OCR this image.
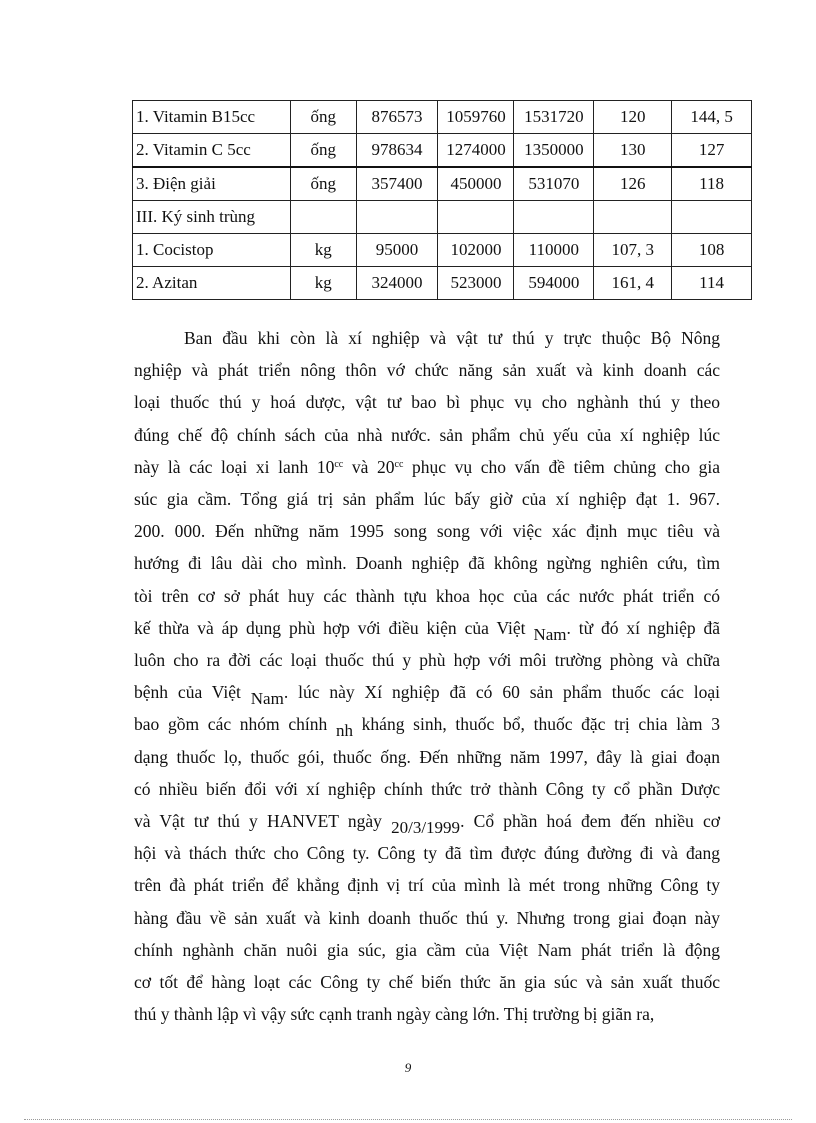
1. Vitamin B15cc	ống	876573	1059760	1531720	120	144, 5
2. Vitamin C 5cc	ống	978634	1274000	1350000	130	127
3. Điện giải	ống	357400	450000	531070	126	118
III. Ký sinh trùng						
1. Cocistop	kg	95000	102000	110000	107, 3	108
2. Azitan	kg	324000	523000	594000	161, 4	114
Ban đầu khi còn là xí nghiệp và vật tư thú y trực thuộc Bộ Nông
nghiệp và phát triển nông thôn vớ chức năng sản xuất và kinh doanh các
loại thuốc thú y hoá dược, vật tư bao bì phục vụ cho nghành thú y theo
đúng chế độ chính sách của nhà nước. sản phẩm chủ yếu của xí nghiệp lúc
này là các loại xi lanh $10^{cc}$ và $20^{cc}$ phục vụ cho vấn đề tiêm chủng cho gia
súc gia cầm. Tổng giá trị sản phẩm lúc bấy giờ của xí nghiệp đạt 1. 967.
200. 000. Đến những năm 1995 song song với việc xác định mục tiêu và
hướng đi lâu dài cho mình. Doanh nghiệp đã không ngừng nghiên cứu, tìm
tòi trên cơ sở phát huy các thành tựu khoa học của các nước phát triển có
kế thừa và áp dụng phù hợp với điều kiện của Việt Nam. từ đó xí nghiệp đã
luôn cho ra đời các loại thuốc thú y phù hợp với môi trường phòng và chữa
bệnh của Việt Nam. lúc này Xí nghiệp đã có 60 sản phẩm thuốc các loại
bao gồm các nhóm chính nh kháng sinh, thuốc bổ, thuốc đặc trị chia làm 3
dạng thuốc lọ, thuốc gói, thuốc ống. Đến những năm 1997, đây là giai đoạn
có nhiều biến đổi với xí nghiệp chính thức trở thành Công ty cổ phần Dược
và Vật tư thú y HANVET ngày 20/3/1999. Cổ phần hoá đem đến nhiều cơ
hội và thách thức cho Công ty. Công ty đã tìm được đúng đường đi và đang
trên đà phát triển để khẳng định vị trí của mình là mét trong những Công ty
hàng đầu về sản xuất và kinh doanh thuốc thú y. Nhưng trong giai đoạn này
chính nghành chăn nuôi gia súc, gia cầm của Việt Nam phát triển là động
cơ tốt để hàng loạt các Công ty chế biến thức ăn gia súc và sản xuất thuốc
thú y thành lập vì vậy sức cạnh tranh ngày càng lớn. Thị trường bị giãn ra,
9
